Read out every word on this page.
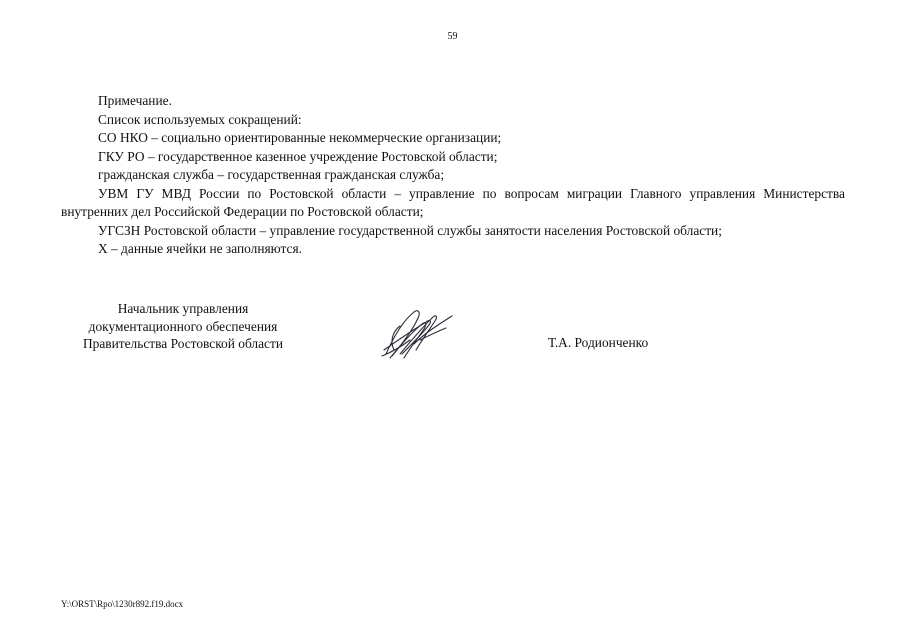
59

Примечание.

Список используемых сокращений:

СО НКО – социально ориентированные некоммерческие организации;

ГКУ РО – государственное казенное учреждение Ростовской области;

гражданская служба – государственная гражданская служба;

УВМ ГУ МВД России по Ростовской области – управление по вопросам миграции Главного управления Министерства внутренних дел Российской Федерации по Ростовской области;

УГСЗН Ростовской области – управление государственной службы занятости населения Ростовской области;

Х – данные ячейки не заполняются.

Начальник управления
документационного обеспечения
Правительства Ростовской области	Т.А. Родионченко
Y:\ORST\Rpo\1230r892.f19.docx
